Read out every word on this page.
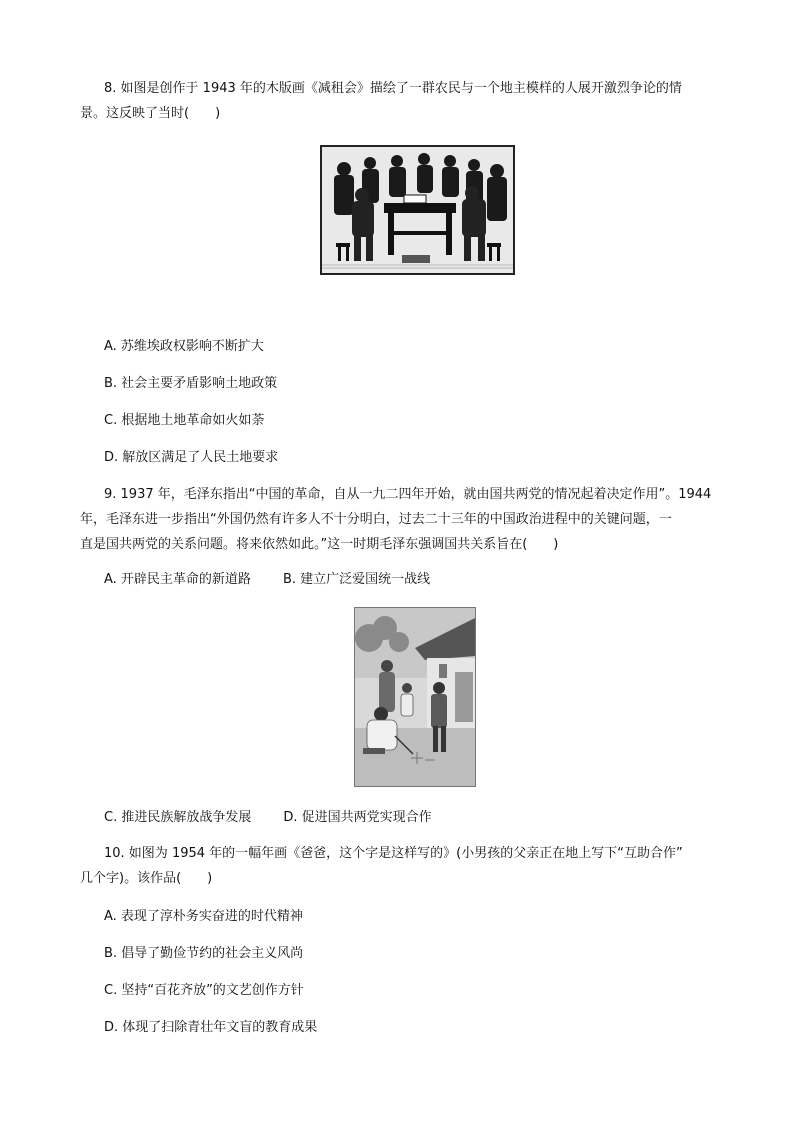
8. 如图是创作于 1943 年的木版画《减租会》描绘了一群农民与一个地主模样的人展开激烈争论的情
景。这反映了当时(　　)
A. 苏维埃政权影响不断扩大
B. 社会主要矛盾影响土地政策
C. 根据地土地革命如火如荼
D. 解放区满足了人民土地要求
9. 1937 年，毛泽东指出“中国的革命，自从一九二四年开始，就由国共两党的情况起着决定作用”。1944
年，毛泽东进一步指出“外国仍然有许多人不十分明白，过去二十三年的中国政治进程中的关键问题，一
直是国共两党的关系问题。将来依然如此。”这一时期毛泽东强调国共关系旨在(　　)
A. 开辟民主革命的新道路 B. 建立广泛爱国统一战线
C. 推进民族解放战争发展 D. 促进国共两党实现合作
10. 如图为 1954 年的一幅年画《爸爸，这个字是这样写的》(小男孩的父亲正在地上写下“互助合作”
几个字)。该作品(　　)
A. 表现了淳朴务实奋进的时代精神
B. 倡导了勤俭节约的社会主义风尚
C. 坚持“百花齐放”的文艺创作方针
D. 体现了扫除青壮年文盲的教育成果
